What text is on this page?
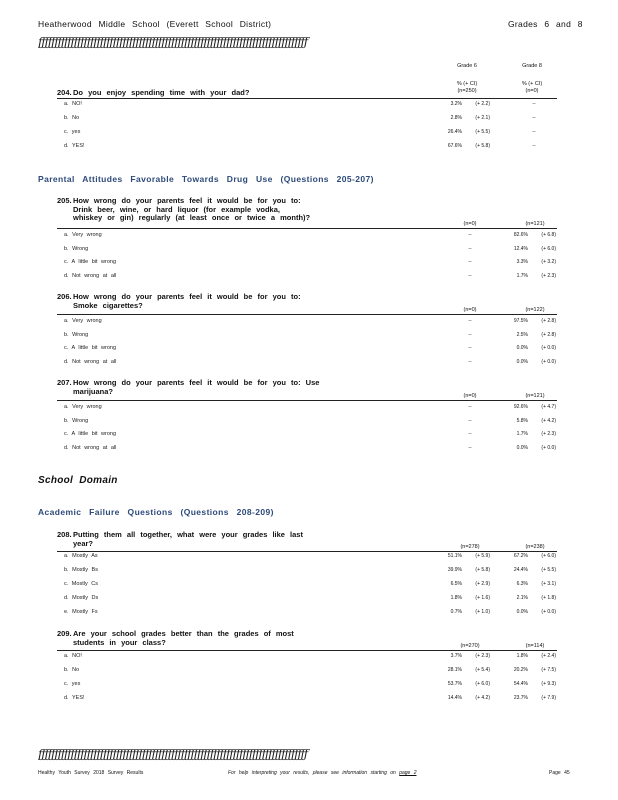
Heatherwood Middle School (Everett School District)	Grades 6 and 8
ƒƒƒƒƒƒƒƒƒƒƒƒƒƒƒƒƒƒƒƒƒƒƒƒƒƒƒƒƒƒƒƒƒƒƒƒƒƒƒƒƒƒƒƒƒƒƒƒƒƒƒƒƒƒƒƒƒƒƒƒƒƒƒƒƒƒƒƒƒƒƒƒƒƒƒƒƒƒƒƒƒƒƒ
Grade 6	Grade 8
% (+ CI)	% (+ CI)
(n=250)	(n=0)
204. Do you enjoy spending time with your dad?
a. NO!	3.2%	(+ 2.2)	--
b. No	2.8%	(+ 2.1)	--
c. yes	26.4%	(+ 5.5)	--
d. YES!	67.6%	(+ 5.8)	--
Parental Attitudes Favorable Towards Drug Use (Questions 205-207)
205. How wrong do your parents feel it would be for you to:
Drink beer, wine, or hard liquor (for example vodka,
whiskey or gin) regularly (at least once or twice a month)?
(n=0)	(n=121)
a. Very wrong	--	82.6%	(+ 6.8)
b. Wrong	--	12.4%	(+ 6.0)
c. A little bit wrong	--	3.3%	(+ 3.2)
d. Not wrong at all	--	1.7%	(+ 2.3)
206. How wrong do your parents feel it would be for you to:
Smoke cigarettes?
(n=0)	(n=122)
a. Very wrong	--	97.5%	(+ 2.8)
b. Wrong	--	2.5%	(+ 2.8)
c. A little bit wrong	--	0.0%	(+ 0.0)
d. Not wrong at all	--	0.0%	(+ 0.0)
207. How wrong do your parents feel it would be for you to: Use
marijuana?
(n=0)	(n=121)
a. Very wrong	--	92.6%	(+ 4.7)
b. Wrong	--	5.8%	(+ 4.2)
c. A little bit wrong	--	1.7%	(+ 2.3)
d. Not wrong at all	--	0.0%	(+ 0.0)
School Domain
Academic Failure Questions (Questions 208-209)
208. Putting them all together, what were your grades like last
year?	(n=278)	(n=238)
a. Mostly As	51.1%	(+ 5.9)	67.2%	(+ 6.0)
b. Mostly Bs	39.9%	(+ 5.8)	24.4%	(+ 5.5)
c. Mostly Cs	6.5%	(+ 2.9)	6.3%	(+ 3.1)
d. Mostly Ds	1.8%	(+ 1.6)	2.1%	(+ 1.8)
e. Mostly Fs	0.7%	(+ 1.0)	0.0%	(+ 0.0)
209. Are your school grades better than the grades of most
students in your class?	(n=270)	(n=114)
a. NO!	3.7%	(+ 2.3)	1.8%	(+ 2.4)
b. No	28.1%	(+ 5.4)	20.2%	(+ 7.5)
c. yes	53.7%	(+ 6.0)	54.4%	(+ 9.3)
d. YES!	14.4%	(+ 4.2)	23.7%	(+ 7.9)
ƒƒƒƒƒƒƒƒƒƒƒƒƒƒƒƒƒƒƒƒƒƒƒƒƒƒƒƒƒƒƒƒƒƒƒƒƒƒƒƒƒƒƒƒƒƒƒƒƒƒƒƒƒƒƒƒƒƒƒƒƒƒƒƒƒƒƒƒƒƒƒƒƒƒƒƒƒƒƒƒƒƒƒ
Healthy Youth Survey 2018 Survey Results	For help interpreting your results, please see information starting on page 2	Page 45
